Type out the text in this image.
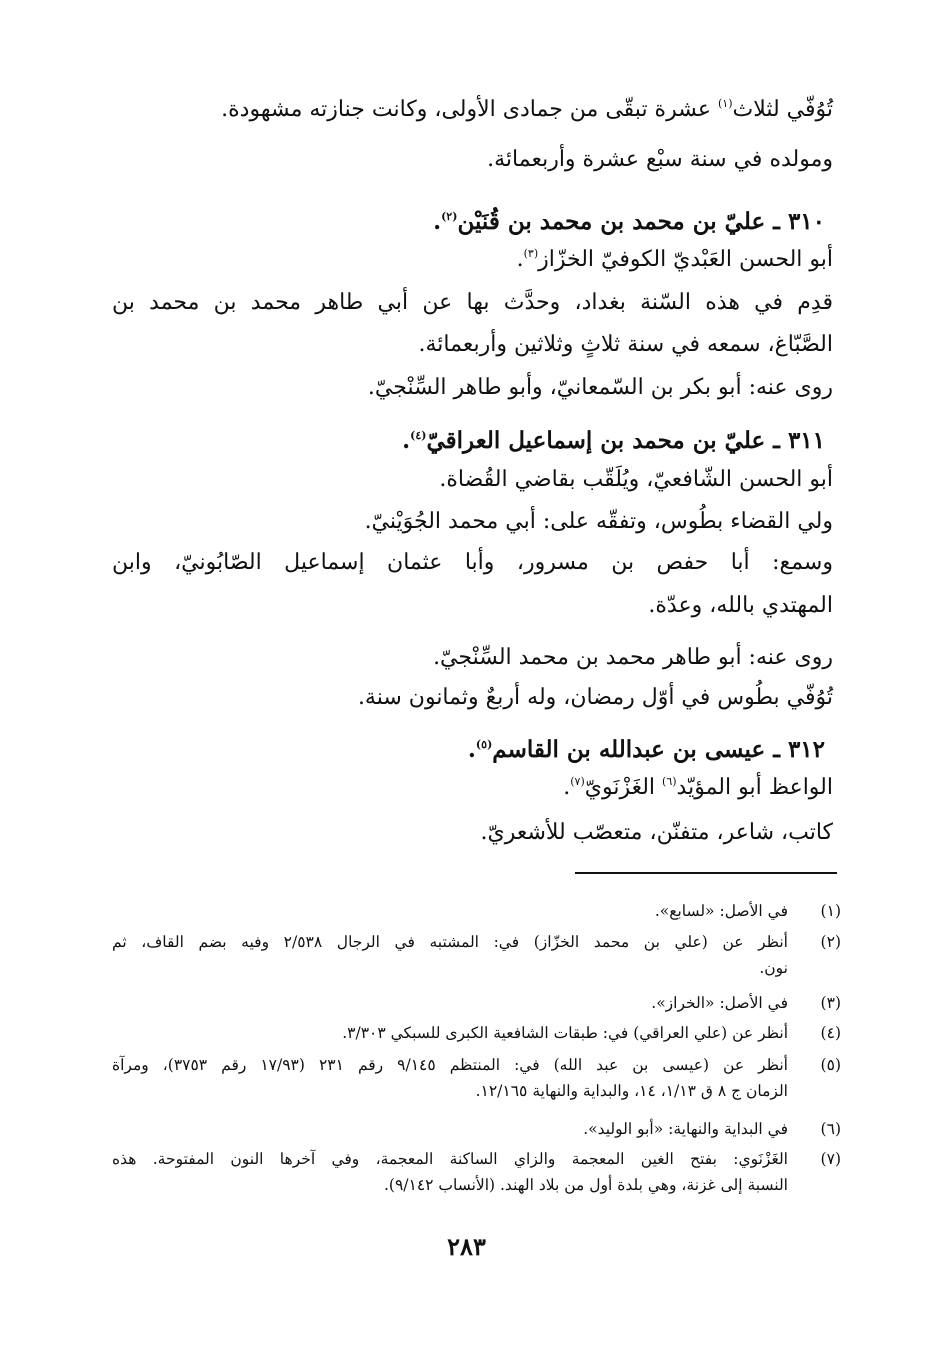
تُوُفّي لثلاث$^{(١)}$ عشرة تبقّى من جمادى الأولى، وكانت جنازته مشهودة.
ومولده في سنة سبْع عشرة وأربعمائة.
٣١٠ ـ عليّ بن محمد بن محمد بن قُنَيْن$^{(٢)}$.
أبو الحسن العَبْديّ الكوفيّ الخزّاز$^{(٣)}$.
قدِم في هذه السّنة بغداد، وحدَّث بها عن أبي طاهر محمد بن محمد بن
الصَّبّاغ، سمعه في سنة ثلاثٍ وثلاثين وأربعمائة.
روى عنه: أبو بكر بن السّمعانيّ، وأبو طاهر السِّنْجيّ.
٣١١ ـ عليّ بن محمد بن إسماعيل العراقيّ$^{(٤)}$.
أبو الحسن الشّافعيّ، ويُلَقّب بقاضي القُضاة.
ولي القضاء بطُوس، وتفقّه على: أبي محمد الجُوَيْنيّ.
وسمع: أبا حفص بن مسرور، وأبا عثمان إسماعيل الصّابُونيّ، وابن
المهتدي بالله، وعدّة.
روى عنه: أبو طاهر محمد بن محمد السِّنْجيّ.
تُوُفّي بطُوس في أوّل رمضان، وله أربعٌ وثمانون سنة.
٣١٢ ـ عيسى بن عبدالله بن القاسم$^{(٥)}$.
الواعظ أبو المؤيّد$^{(٦)}$ الغَزْنَويّ$^{(٧)}$.
كاتب، شاعر، متفنّن، متعصّب للأشعريّ.
(١)
في الأصل: «لسابع».
(٢)
أنظر عن (علي بن محمد الخزّاز) في: المشتبه في الرجال ٢/٥٣٨ وفيه بضم القاف، ثم
نون.
(٣)
في الأصل: «الخراز».
(٤)
أنظر عن (علي العراقي) في: طبقات الشافعية الكبرى للسبكي ٣/٣٠٣.
(٥)
أنظر عن (عيسى بن عبد الله) في: المنتظم ٩/١٤٥ رقم ٢٣١ (١٧/٩٣ رقم ٣٧٥٣)، ومرآة
الزمان ج ٨ ق ١/١٣، ١٤، والبداية والنهاية ١٢/١٦٥.
(٦)
في البداية والنهاية: «أبو الوليد».
(٧)
الغَزْنَوي: بفتح الغين المعجمة والزاي الساكنة المعجمة، وفي آخرها النون المفتوحة. هذه
النسبة إلى غزنة، وهي بلدة أول من بلاد الهند. (الأنساب ٩/١٤٢).
٢٨٣
